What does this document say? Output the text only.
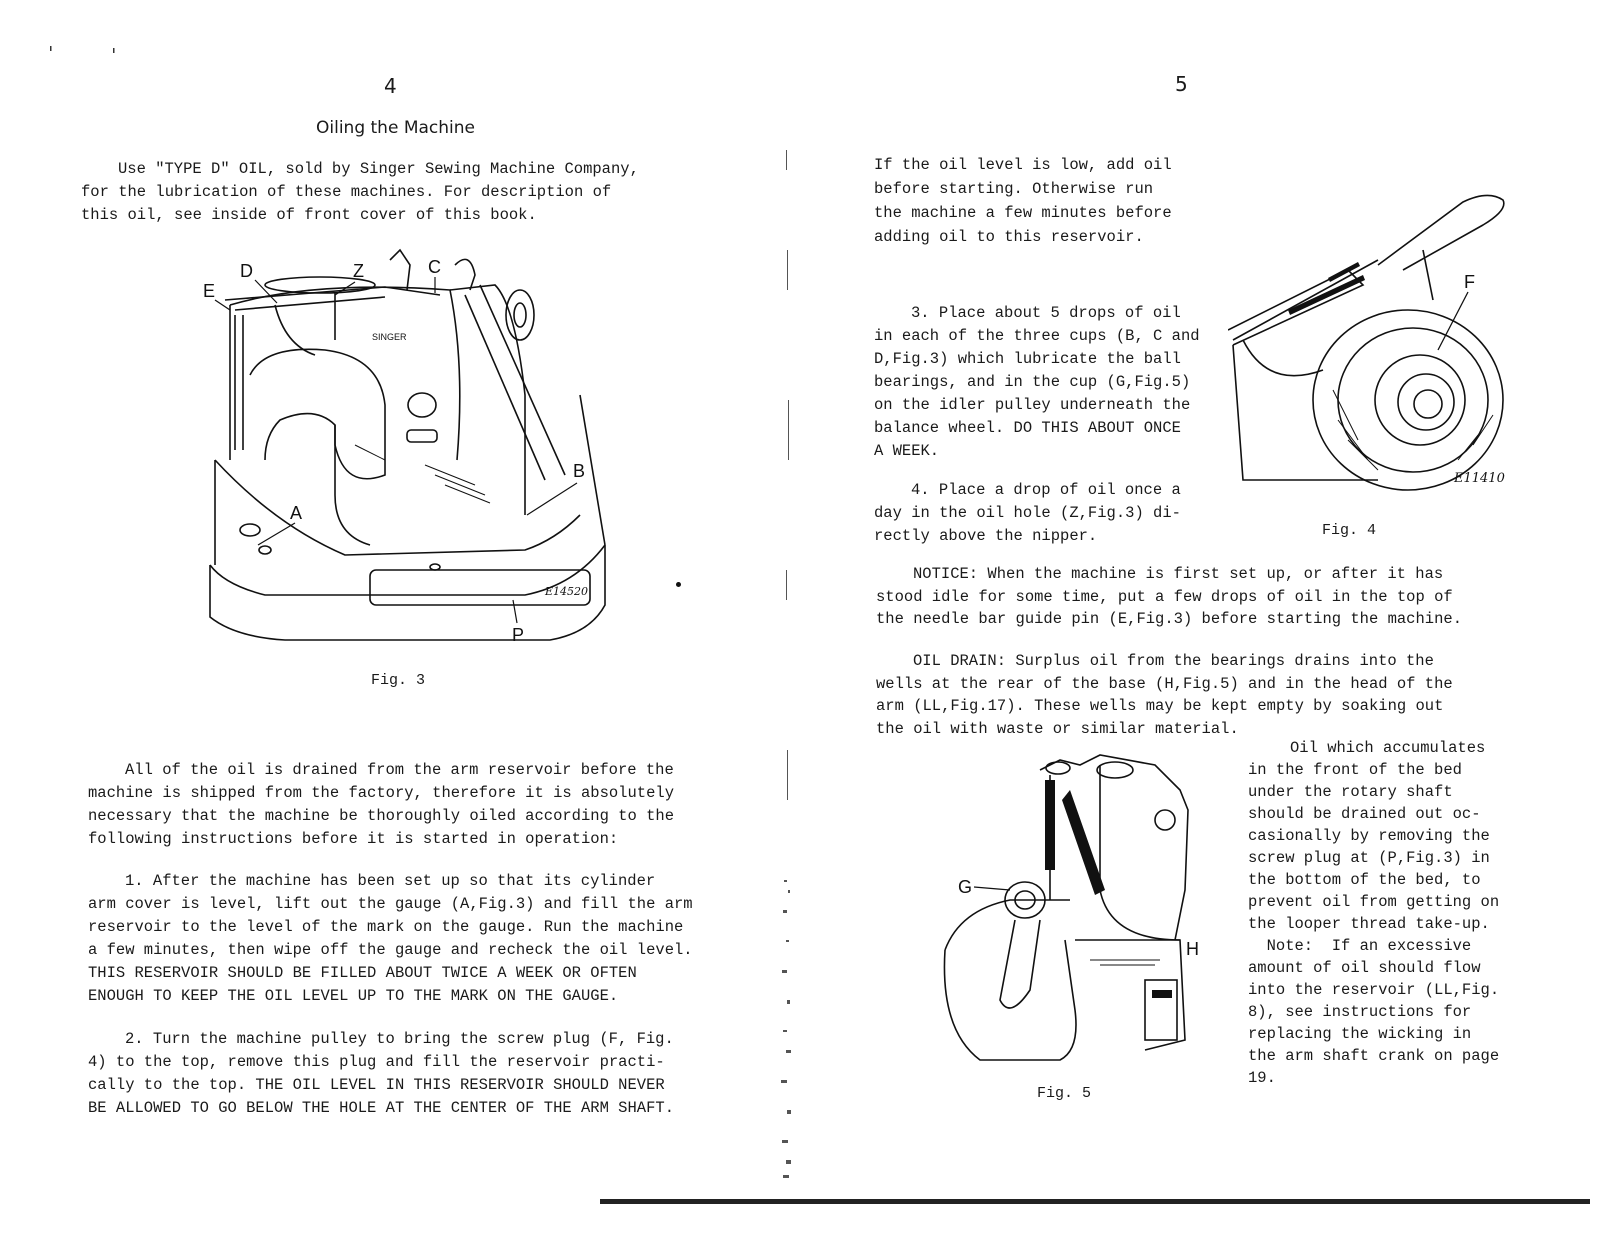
4
Oiling the Machine
Use "TYPE D" OIL, sold by Singer Sewing Machine Company,
for the lubrication of these machines. For description of
this oil, see inside of front cover of this book.
D	Z	C
E
A
B
P
SINGER
E14520
Fig. 3
All of the oil is drained from the arm reservoir before the
machine is shipped from the factory, therefore it is absolutely
necessary that the machine be thoroughly oiled according to the
following instructions before it is started in operation:
1. After the machine has been set up so that its cylinder
arm cover is level, lift out the gauge (A,Fig.3) and fill the arm
reservoir to the level of the mark on the gauge. Run the machine
a few minutes, then wipe off the gauge and recheck the oil level.
THIS RESERVOIR SHOULD BE FILLED ABOUT TWICE A WEEK OR OFTEN
ENOUGH TO KEEP THE OIL LEVEL UP TO THE MARK ON THE GAUGE.
2. Turn the machine pulley to bring the screw plug (F, Fig.
4) to the top, remove this plug and fill the reservoir practi-
cally to the top. THE OIL LEVEL IN THIS RESERVOIR SHOULD NEVER
BE ALLOWED TO GO BELOW THE HOLE AT THE CENTER OF THE ARM SHAFT.
5
If the oil level is low, add oil
before starting. Otherwise run
the machine a few minutes before
adding oil to this reservoir.
3. Place about 5 drops of oil
in each of the three cups (B, C and
D,Fig.3) which lubricate the ball
bearings, and in the cup (G,Fig.5)
on the idler pulley underneath the
balance wheel. DO THIS ABOUT ONCE
A WEEK.
4. Place a drop of oil once a
day in the oil hole (Z,Fig.3) di-
rectly above the nipper.
F
E11410
Fig. 4
NOTICE: When the machine is first set up, or after it has
stood idle for some time, put a few drops of oil in the top of
the needle bar guide pin (E,Fig.3) before starting the machine.
OIL DRAIN: Surplus oil from the bearings drains into the
wells at the rear of the base (H,Fig.5) and in the head of the
arm (LL,Fig.17). These wells may be kept empty by soaking out
the oil with waste or similar material.
G
H
Fig. 5
Oil which accumulates
in the front of the bed
under the rotary shaft
should be drained out oc-
casionally by removing the
screw plug at (P,Fig.3) in
the bottom of the bed, to
prevent oil from getting on
the looper thread take-up.
Note:  If an excessive
amount of oil should flow
into the reservoir (LL,Fig.
8), see instructions for
replacing the wicking in
the arm shaft crank on page
19.
